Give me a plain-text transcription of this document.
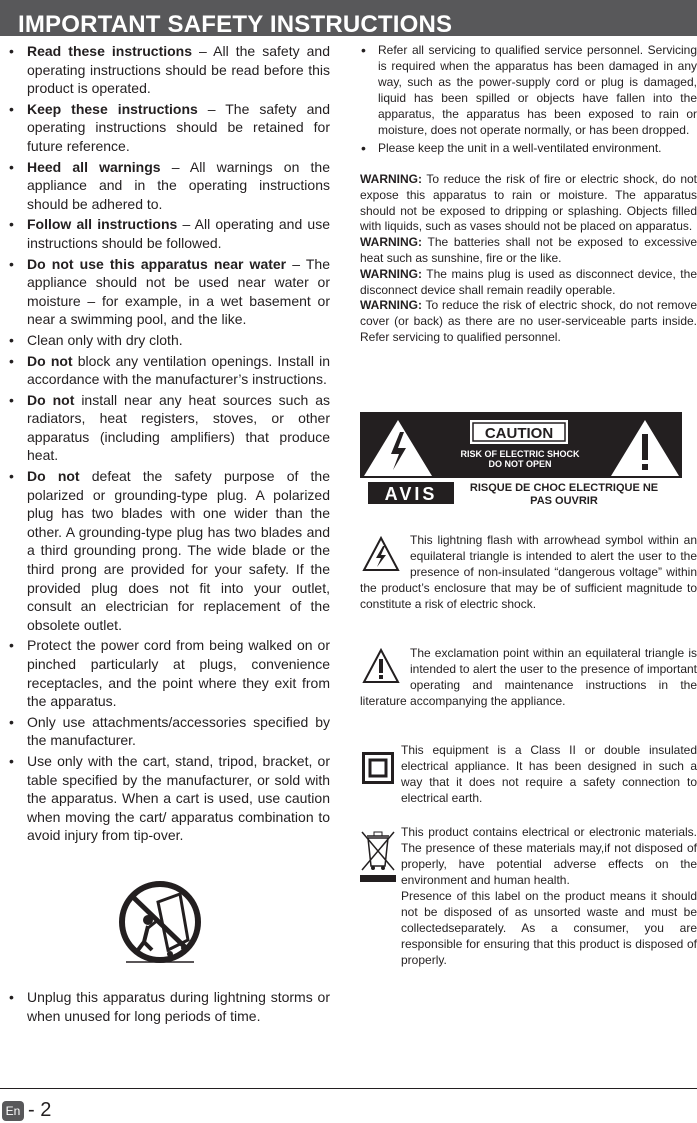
IMPORTANT SAFETY INSTRUCTIONS
• Read these instructions – All the safety and operating instructions should be read before this product is operated.
• Keep these instructions – The safety and operating instructions should be retained for future reference.
• Heed all warnings – All warnings on the appliance and in the operating instructions should be adhered to.
• Follow all instructions – All operating and use instructions should be followed.
• Do not use this apparatus near water – The appliance should not be used near water or moisture – for example, in a wet basement or near a swimming pool, and the like.
• Clean only with dry cloth.
• Do not block any ventilation openings. Install in accordance with the manufacturer’s instructions.
• Do not install near any heat sources such as radiators, heat registers, stoves, or other apparatus (including amplifiers) that produce heat.
• Do not defeat the safety purpose of the polarized or grounding-type plug. A polarized plug has two blades with one wider than the other. A grounding-type plug has two blades and a third grounding prong. The wide blade or the third prong are provided for your safety. If the provided plug does not fit into your outlet, consult an electrician for replacement of the obsolete outlet.
• Protect the power cord from being walked on or pinched particularly at plugs, convenience receptacles, and the point where they exit from the apparatus.
• Only use attachments/accessories specified by the manufacturer.
• Use only with the cart, stand, tripod, bracket, or table specified by the manufacturer, or sold with the apparatus. When a cart is used, use caution when moving the cart/ apparatus combination to avoid injury from tip-over.
• Unplug this apparatus during lightning storms or when unused for long periods of time.
• Refer all servicing to qualified service personnel. Servicing is required when the apparatus has been damaged in any way, such as the power-supply cord or plug is damaged, liquid has been spilled or objects have fallen into the apparatus, the apparatus has been exposed to rain or moisture, does not operate normally, or has been dropped.
• Please keep the unit in a well-ventilated environment.

WARNING: To reduce the risk of fire or electric shock, do not expose this apparatus to rain or moisture. The apparatus should not be exposed to dripping or splashing. Objects filled with liquids, such as vases should not be placed on apparatus.

WARNING: The batteries shall not be exposed to excessive heat such as sunshine, fire or the like.

WARNING: The mains plug is used as disconnect device, the disconnect device shall remain readily operable.

WARNING: To reduce the risk of electric shock, do not remove cover (or back) as there are no user-serviceable parts inside. Refer servicing to qualified personnel.

CAUTION
RISK OF ELECTRIC SHOCK
DO NOT OPEN
AVIS	RISQUE DE CHOC ELECTRIQUE NE
PAS OUVRIR
This lightning flash with arrowhead symbol within an equilateral triangle is intended to alert the user to the presence of non-insulated “dangerous voltage” within the product’s enclosure that may be of sufficient magnitude to constitute a risk of electric shock.
The exclamation point within an equilateral triangle is intended to alert the user to the presence of important operating and maintenance instructions in the literature accompanying the appliance.
This equipment is a Class II or double insulated electrical appliance. It has been designed in such a way that it does not require a safety connection to electrical earth.
This product contains electrical or electronic materials. The presence of these materials may,if not disposed of properly, have potential adverse effects on the environment and human health.
Presence of this label on the product means it should not be disposed of as unsorted waste and must be collectedseparately. As a consumer, you are responsible for ensuring that this product is disposed of properly.
En - 2
